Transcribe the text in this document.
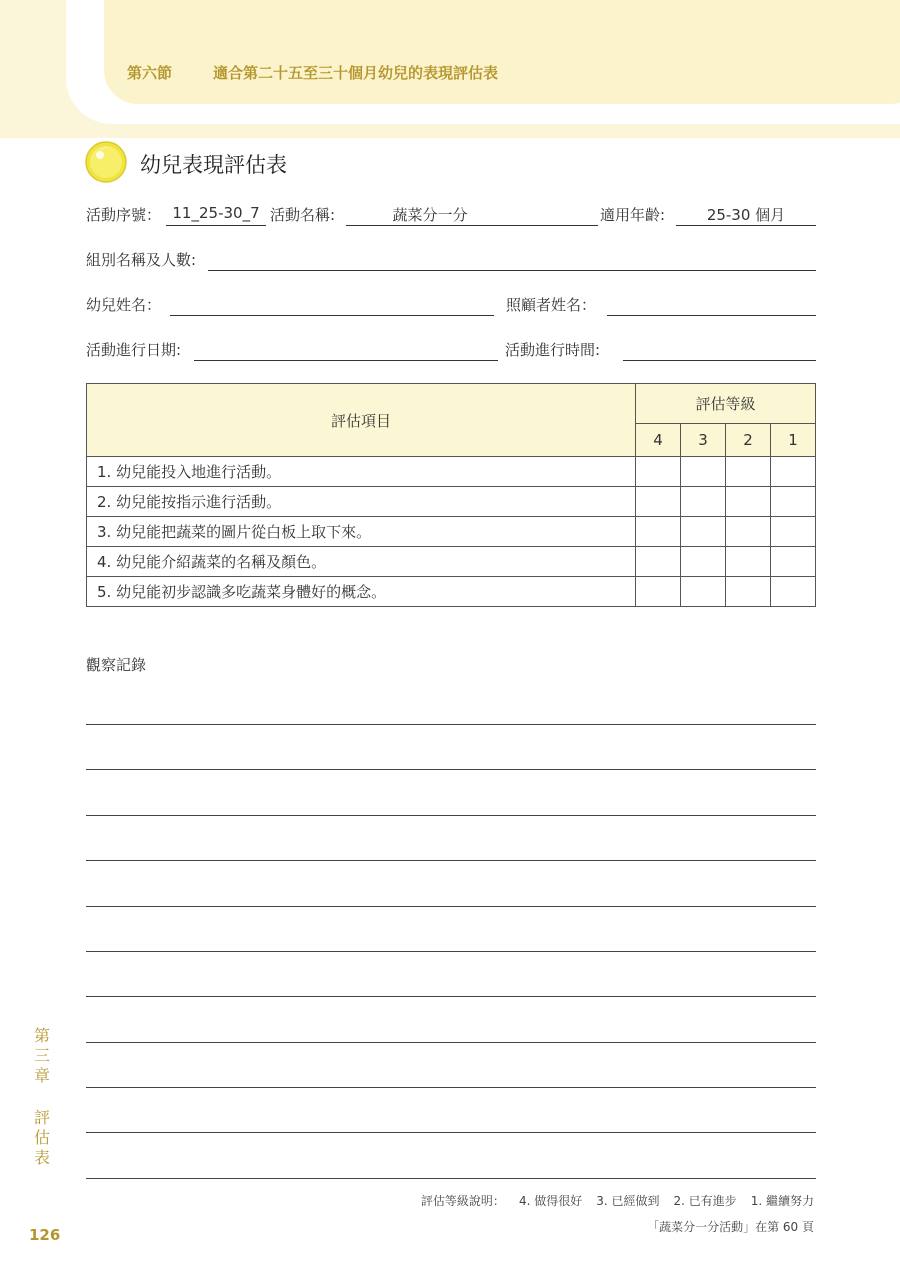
第六節	適合第二十五至三十個月幼兒的表現評估表
幼兒表現評估表
活動序號： 11_25-30_7 活動名稱:	蔬菜分一分	適用年齡:	25-30 個月
組別名稱及人數:
幼兒姓名：	照顧者姓名：
活動進行日期:	活動進行時間:
評估項目	評估等級			
	4	3	2	1
1. 幼兒能投入地進行活動。				
2. 幼兒能按指示進行活動。				
3. 幼兒能把蔬菜的圖片從白板上取下來。				
4. 幼兒能介紹蔬菜的名稱及顏色。				
5. 幼兒能初步認識多吃蔬菜身體好的概念。				
觀察記錄
第
三
章
評
估
表
評估等級說明： 4. 做得很好 3. 已經做到 2. 已有進步 1. 繼續努力
「蔬菜分一分活動」在第 60 頁
126
